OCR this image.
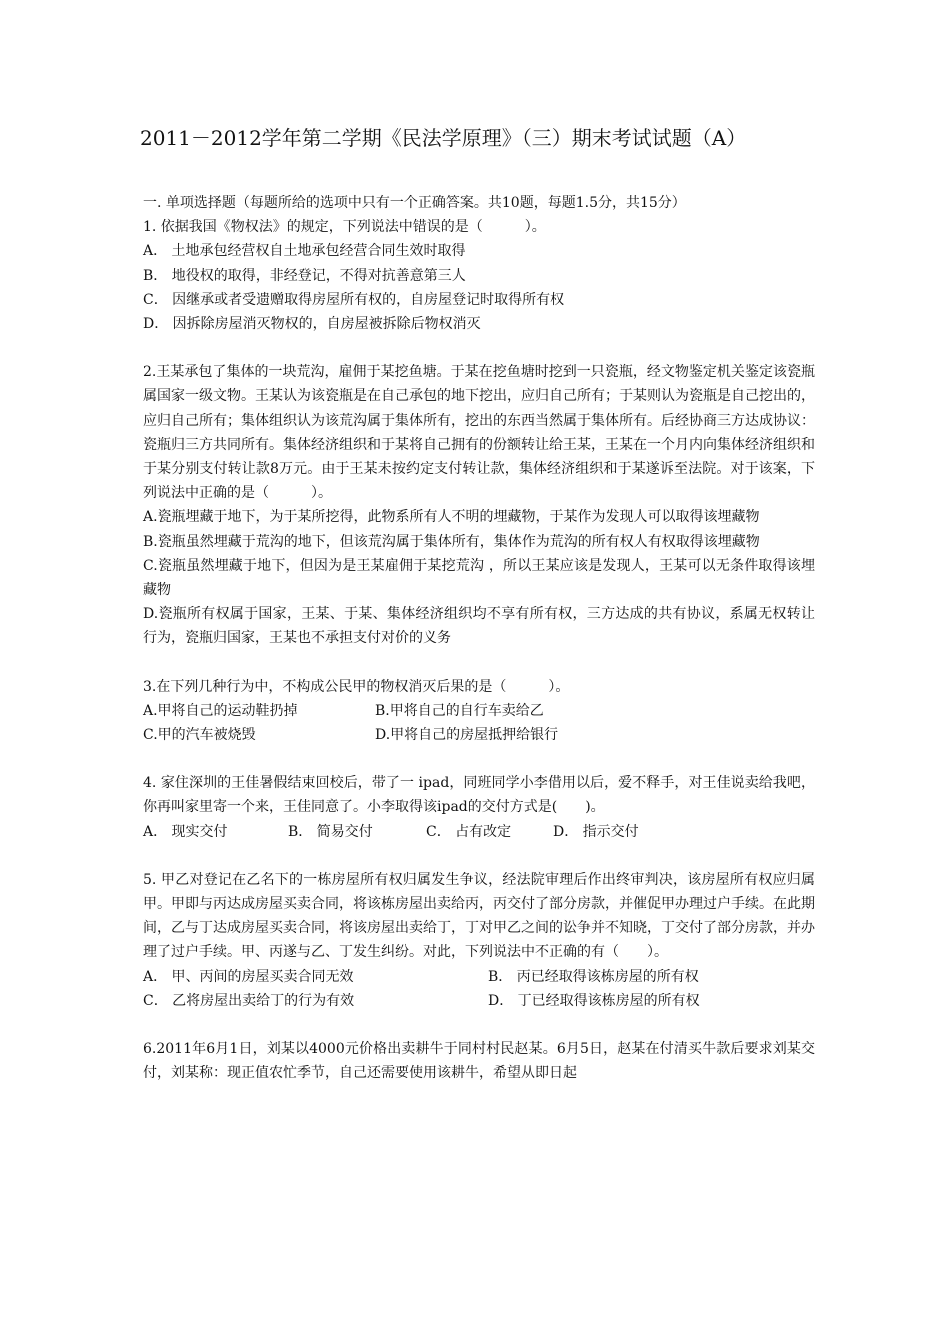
2011－2012学年第二学期《民法学原理》（三）期末考试试题（A）
一. 单项选择题（每题所给的选项中只有一个正确答案。共10题，每题1.5分，共15分）
1. 依据我国《物权法》的规定，下列说法中错误的是（　　　）。
A． 土地承包经营权自土地承包经营合同生效时取得
B． 地役权的取得，非经登记，不得对抗善意第三人
C． 因继承或者受遗赠取得房屋所有权的，自房屋登记时取得所有权
D． 因拆除房屋消灭物权的，自房屋被拆除后物权消灭
2.王某承包了集体的一块荒沟，雇佣于某挖鱼塘。于某在挖鱼塘时挖到一只瓷瓶，经文物鉴定机关鉴定该瓷瓶属国家一级文物。王某认为该瓷瓶是在自己承包的地下挖出，应归自己所有；于某则认为瓷瓶是自己挖出的，应归自己所有；集体组织认为该荒沟属于集体所有，挖出的东西当然属于集体所有。后经协商三方达成协议：瓷瓶归三方共同所有。集体经济组织和于某将自己拥有的份额转让给王某，王某在一个月内向集体经济组织和于某分别支付转让款8万元。由于王某未按约定支付转让款，集体经济组织和于某遂诉至法院。对于该案，下列说法中正确的是（　　　）。
A.瓷瓶埋藏于地下，为于某所挖得，此物系所有人不明的埋藏物，于某作为发现人可以取得该埋藏物
B.瓷瓶虽然埋藏于荒沟的地下，但该荒沟属于集体所有，集体作为荒沟的所有权人有权取得该埋藏物
C.瓷瓶虽然埋藏于地下，但因为是王某雇佣于某挖荒沟 ，所以王某应该是发现人，王某可以无条件取得该埋藏物
D.瓷瓶所有权属于国家，王某、于某、集体经济组织均不享有所有权，三方达成的共有协议，系属无权转让行为，瓷瓶归国家，王某也不承担支付对价的义务
3.在下列几种行为中，不构成公民甲的物权消灭后果的是（　　　）。
A.甲将自己的运动鞋扔掉	B.甲将自己的自行车卖给乙
C.甲的汽车被烧毁	D.甲将自己的房屋抵押给银行
4. 家住深圳的王佳暑假结束回校后，带了一 ipad，同班同学小李借用以后，爱不释手，对王佳说卖给我吧，你再叫家里寄一个来，王佳同意了。小李取得该ipad的交付方式是(　　)。
A． 现实交付	B． 简易交付	C． 占有改定	D． 指示交付
5. 甲乙对登记在乙名下的一栋房屋所有权归属发生争议，经法院审理后作出终审判决，该房屋所有权应归属甲。甲即与丙达成房屋买卖合同，将该栋房屋出卖给丙，丙交付了部分房款，并催促甲办理过户手续。在此期间，乙与丁达成房屋买卖合同，将该房屋出卖给丁，丁对甲乙之间的讼争并不知晓，丁交付了部分房款，并办理了过户手续。甲、丙遂与乙、丁发生纠纷。对此，下列说法中不正确的有（　　）。
A． 甲、丙间的房屋买卖合同无效	B． 丙已经取得该栋房屋的所有权
C． 乙将房屋出卖给丁的行为有效	D． 丁已经取得该栋房屋的所有权
6.2011年6月1日，刘某以4000元价格出卖耕牛于同村村民赵某。6月5日，赵某在付清买牛款后要求刘某交付，刘某称：现正值农忙季节，自己还需要使用该耕牛，希望从即日起
